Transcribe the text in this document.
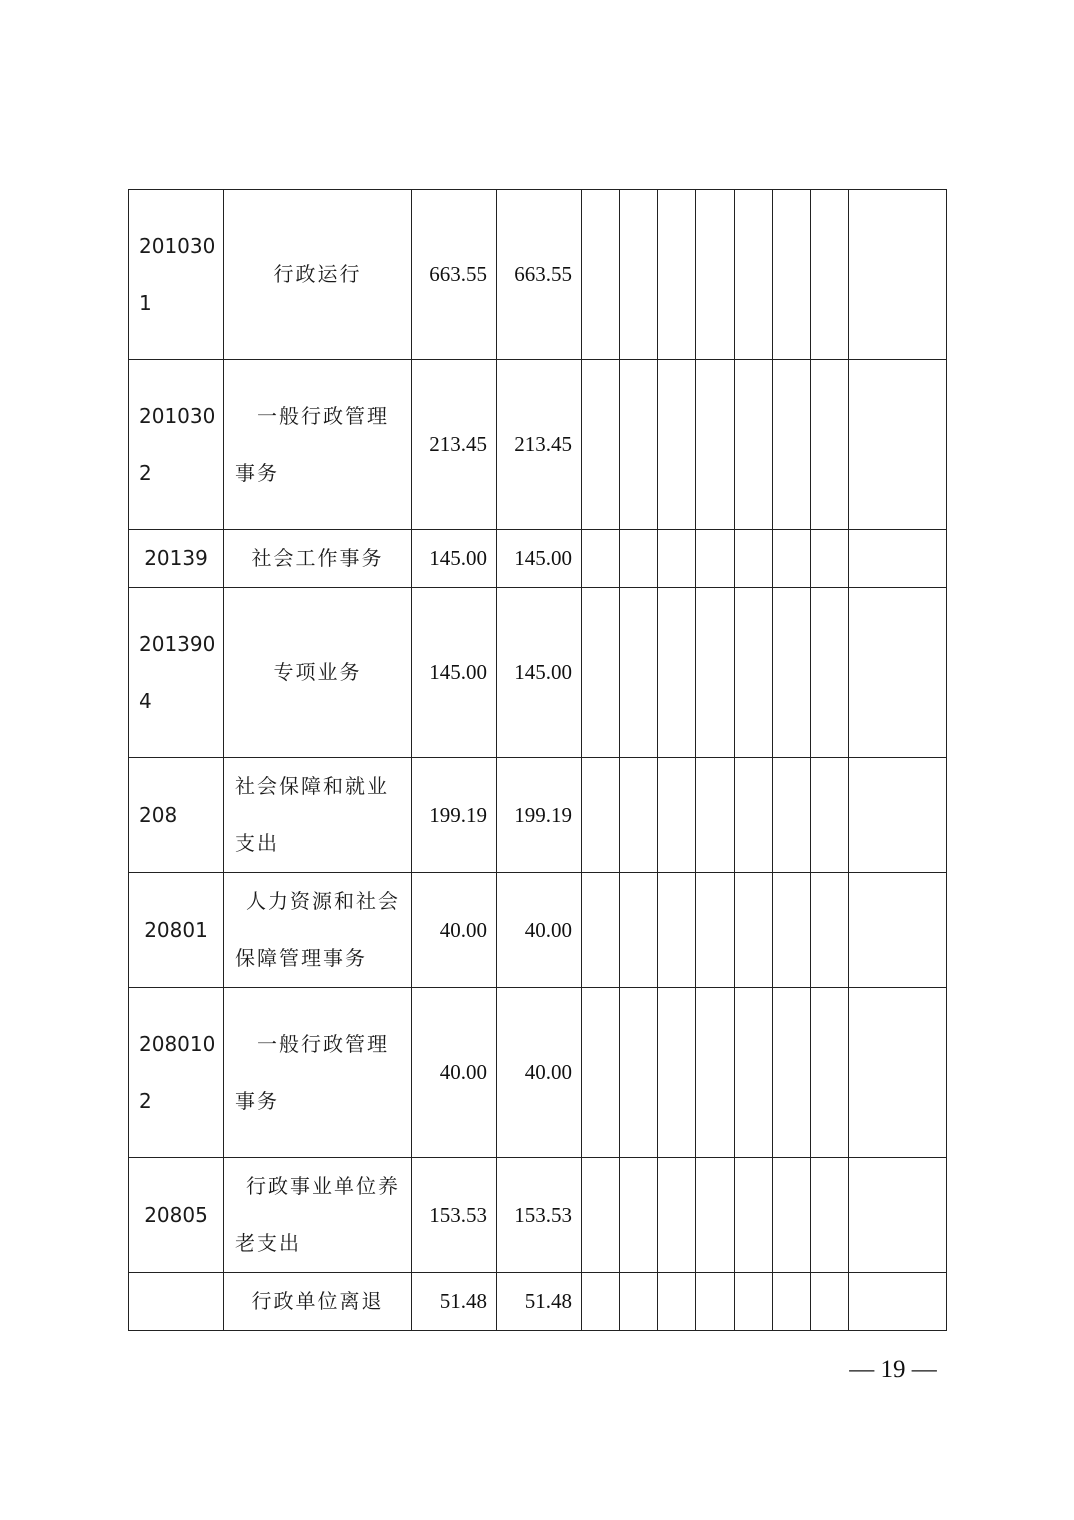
2010301	行政运行	663.55	663.55								

2010302	一般行政管理事务	213.45	213.45								

20139	社会工作事务	145.00	145.00								

2013904	专项业务	145.00	145.00								

208	社会保障和就业支出	199.19	199.19								

20801	人力资源和社会保障管理事务	40.00	40.00								

2080102	一般行政管理事务	40.00	40.00								

20805	行政事业单位养老支出	153.53	153.53								

	行政单位离退	51.48	51.48								
— 19 —
